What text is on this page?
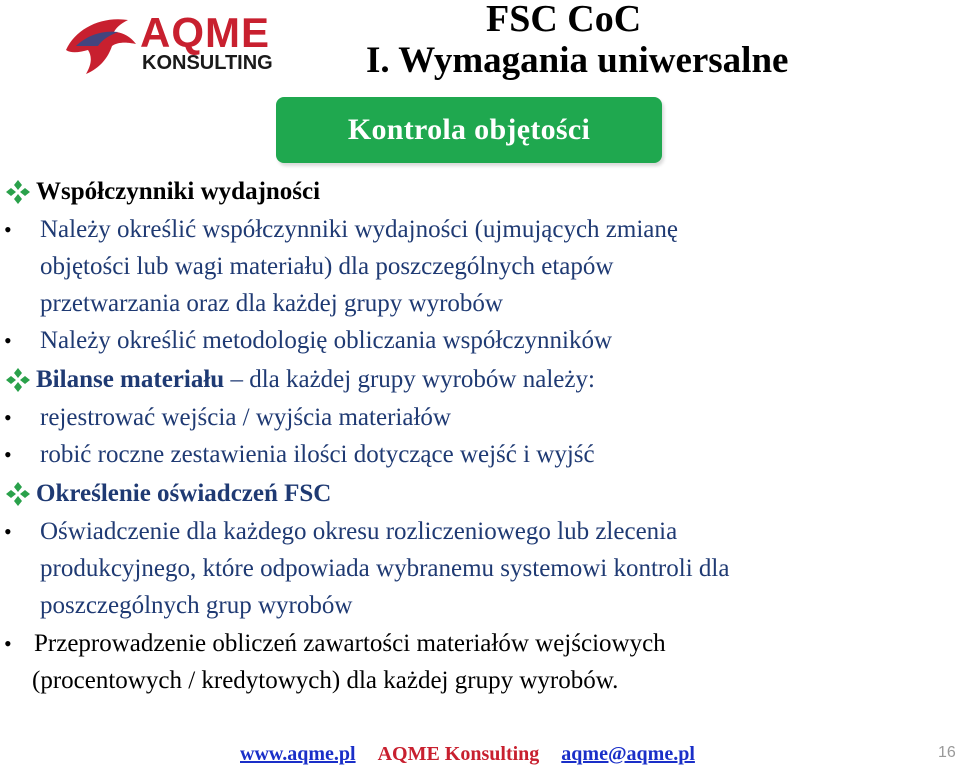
AQME
KONSULTING
FSC CoC
I. Wymagania uniwersalne
Kontrola objętości
Współczynniki wydajności
• Należy określić współczynniki wydajności (ujmujących zmianę
objętości lub wagi materiału) dla poszczególnych etapów
przetwarzania oraz dla każdej grupy wyrobów
• Należy określić metodologię obliczania współczynników
Bilanse materiału – dla każdej grupy wyrobów należy:
• rejestrować wejścia / wyjścia materiałów
• robić roczne zestawienia ilości dotyczące wejść i wyjść
Określenie oświadczeń FSC
• Oświadczenie dla każdego okresu rozliczeniowego lub zlecenia
produkcyjnego, które odpowiada wybranemu systemowi kontroli dla
poszczególnych grup wyrobów
• Przeprowadzenie obliczeń zawartości materiałów wejściowych
(procentowych / kredytowych) dla każdej grupy wyrobów.
www.aqme.pl AQME Konsulting aqme@aqme.pl	16
